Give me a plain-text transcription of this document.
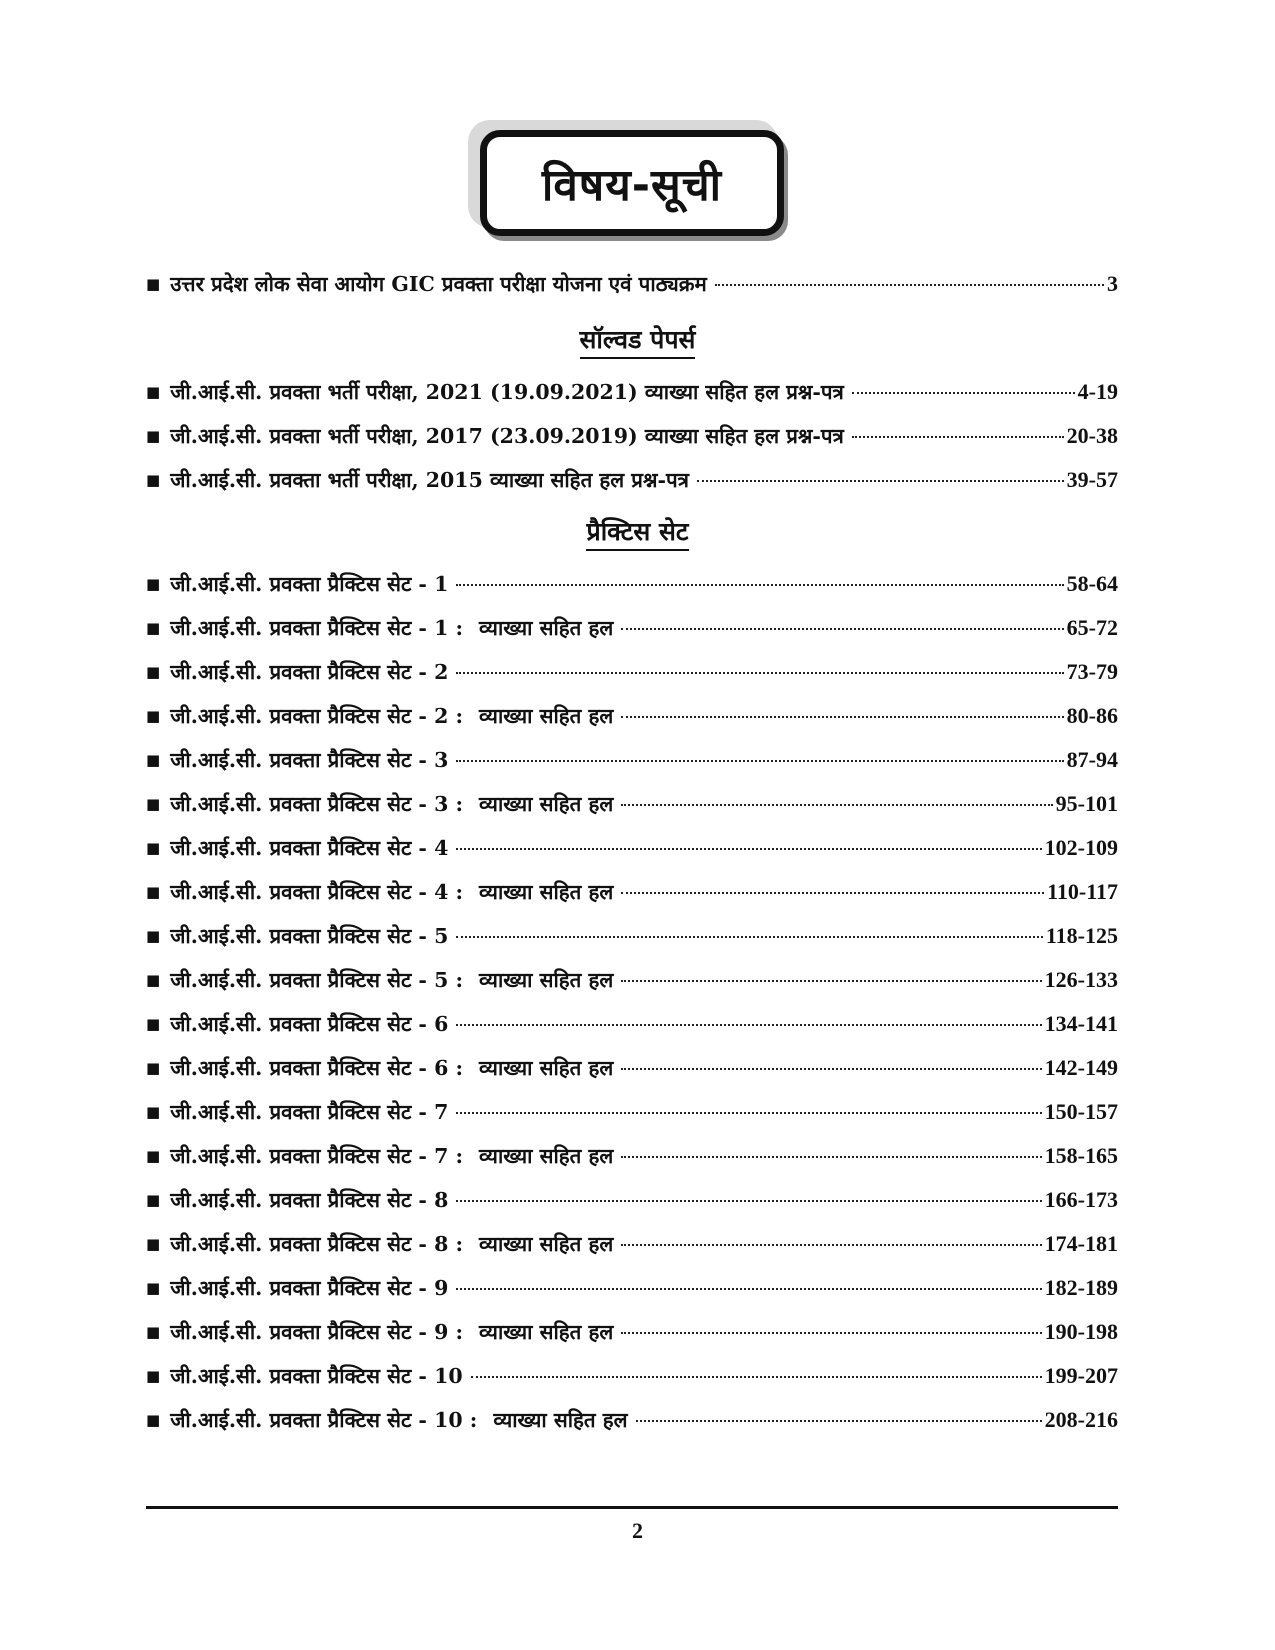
विषय-सूची
■ उत्तर प्रदेश लोक सेवा आयोग GIC प्रवक्ता परीक्षा योजना एवं पाठ्यक्रम	3
सॉल्वड पेपर्स
■ जी.आई.सी. प्रवक्ता भर्ती परीक्षा, 2021 (19.09.2021) व्याख्या सहित हल प्रश्न-पत्र	4-19
■ जी.आई.सी. प्रवक्ता भर्ती परीक्षा, 2017 (23.09.2019) व्याख्या सहित हल प्रश्न-पत्र	20-38
■ जी.आई.सी. प्रवक्ता भर्ती परीक्षा, 2015 व्याख्या सहित हल प्रश्न-पत्र	39-57
प्रैक्टिस सेट
■ जी.आई.सी. प्रवक्ता प्रैक्टिस सेट - 1	58-64
■ जी.आई.सी. प्रवक्ता प्रैक्टिस सेट - 1 : व्याख्या सहित हल	65-72
■ जी.आई.सी. प्रवक्ता प्रैक्टिस सेट - 2	73-79
■ जी.आई.सी. प्रवक्ता प्रैक्टिस सेट - 2 : व्याख्या सहित हल	80-86
■ जी.आई.सी. प्रवक्ता प्रैक्टिस सेट - 3	87-94
■ जी.आई.सी. प्रवक्ता प्रैक्टिस सेट - 3 : व्याख्या सहित हल	95-101
■ जी.आई.सी. प्रवक्ता प्रैक्टिस सेट - 4	102-109
■ जी.आई.सी. प्रवक्ता प्रैक्टिस सेट - 4 : व्याख्या सहित हल	110-117
■ जी.आई.सी. प्रवक्ता प्रैक्टिस सेट - 5	118-125
■ जी.आई.सी. प्रवक्ता प्रैक्टिस सेट - 5 : व्याख्या सहित हल	126-133
■ जी.आई.सी. प्रवक्ता प्रैक्टिस सेट - 6	134-141
■ जी.आई.सी. प्रवक्ता प्रैक्टिस सेट - 6 : व्याख्या सहित हल	142-149
■ जी.आई.सी. प्रवक्ता प्रैक्टिस सेट - 7	150-157
■ जी.आई.सी. प्रवक्ता प्रैक्टिस सेट - 7 : व्याख्या सहित हल	158-165
■ जी.आई.सी. प्रवक्ता प्रैक्टिस सेट - 8	166-173
■ जी.आई.सी. प्रवक्ता प्रैक्टिस सेट - 8 : व्याख्या सहित हल	174-181
■ जी.आई.सी. प्रवक्ता प्रैक्टिस सेट - 9	182-189
■ जी.आई.सी. प्रवक्ता प्रैक्टिस सेट - 9 : व्याख्या सहित हल	190-198
■ जी.आई.सी. प्रवक्ता प्रैक्टिस सेट - 10	199-207
■ जी.आई.सी. प्रवक्ता प्रैक्टिस सेट - 10 : व्याख्या सहित हल	208-216
2
